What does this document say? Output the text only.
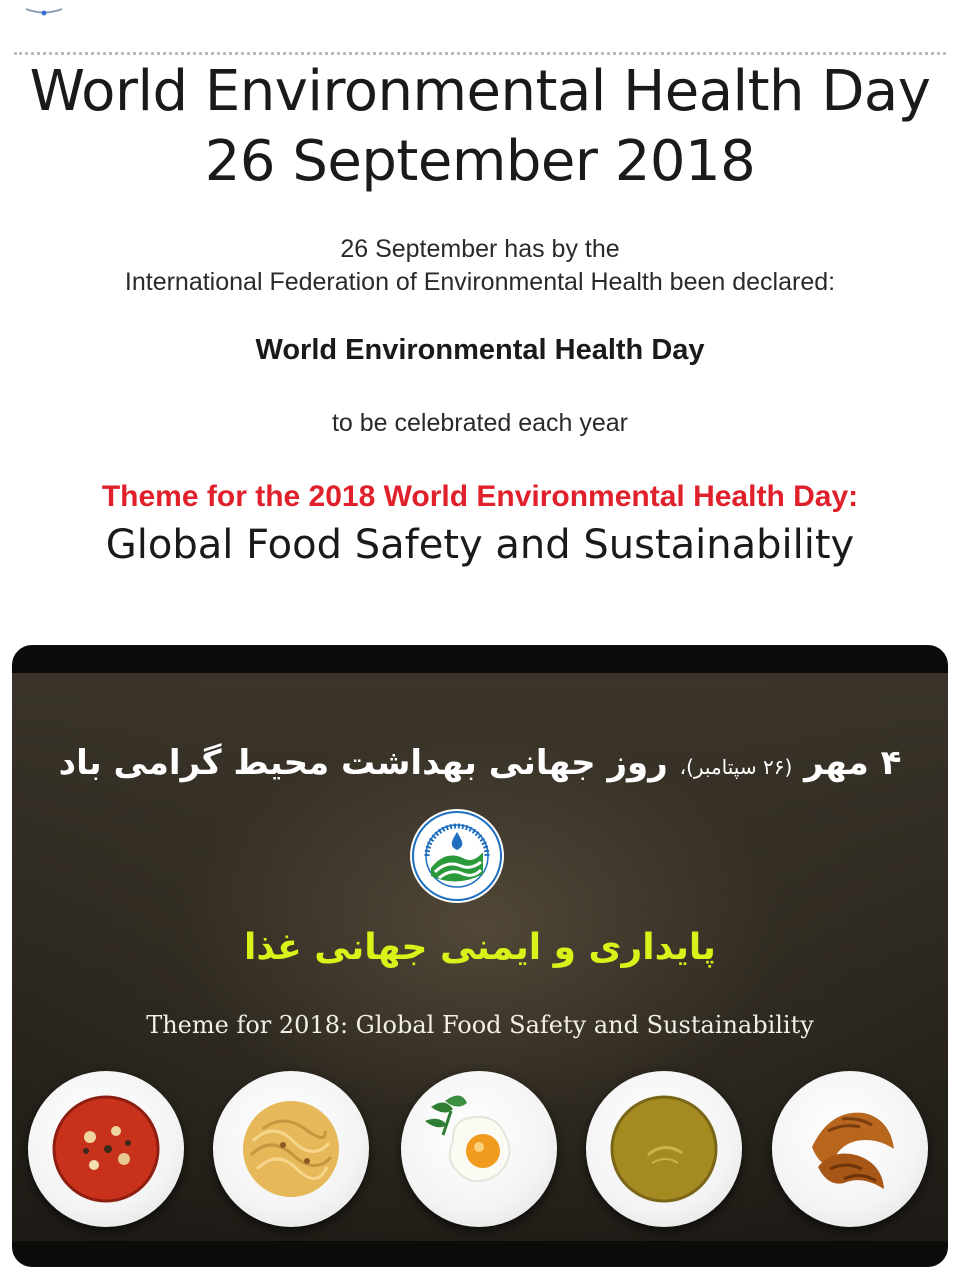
World Environmental Health Day
26 September 2018
26 September has by the
International Federation of Environmental Health been declared:
World Environmental Health Day
to be celebrated each year
Theme for the 2018 World Environmental Health Day:
Global Food Safety and Sustainability
۴ مهر (۲۶ سپتامبر)، روز جهانی بهداشت محیط گرامی باد
پایداری و ایمنی جهانی غذا
Theme for 2018: Global Food Safety and Sustainability
